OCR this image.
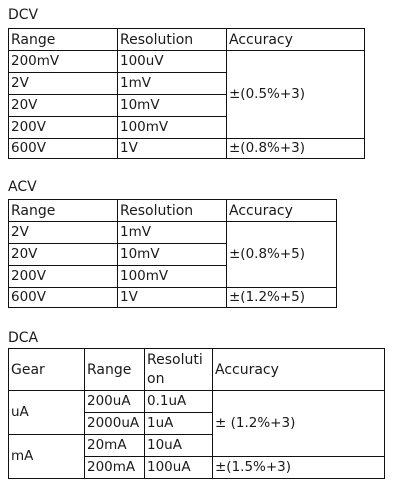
DCV
Range	Resolution	Accuracy
200mV	100uV	±(0.5%+3)
2V	1mV	
20V	10mV	
200V	100mV	
600V	1V	±(0.8%+3)
ACV
Range	Resolution	Accuracy
2V	1mV	±(0.8%+5)
20V	10mV	
200V	100mV	
600V	1V	±(1.2%+5)
DCA
Gear	Range	Resolution	Accuracy
uA	200uA	0.1uA	± (1.2%+3)
	2000uA	1uA	
mA	20mA	10uA	
	200mA	100uA	±(1.5%+3)
